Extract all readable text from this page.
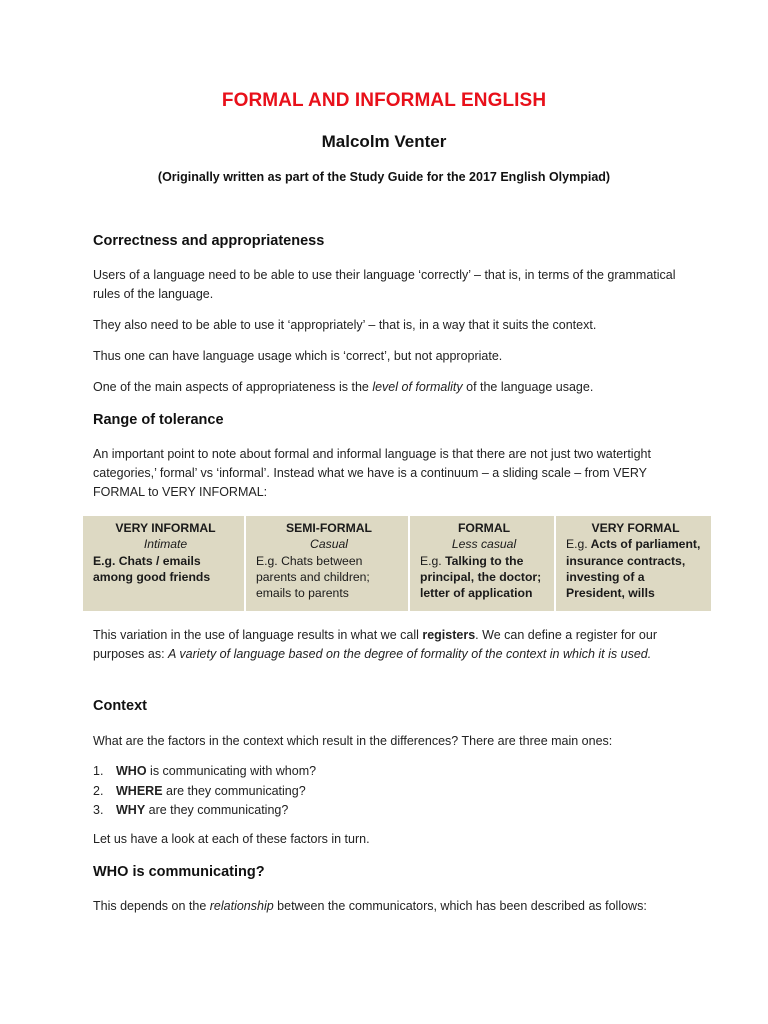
FORMAL AND INFORMAL ENGLISH
Malcolm Venter
(Originally written as part of the Study Guide for the 2017 English Olympiad)
Correctness and appropriateness
Users of a language need to be able to use their language ‘correctly’ – that is, in terms of the grammatical rules of the language.
They also need to be able to use it ‘appropriately’ – that is, in a way that it suits the context.
Thus one can have language usage which is ‘correct’, but not appropriate.
One of the main aspects of appropriateness is the level of formality of the language usage.
Range of tolerance
An important point to note about formal and informal language is that there are not just two watertight categories,’ formal’ vs ‘informal’. Instead what we have is a continuum – a sliding scale – from VERY FORMAL to VERY INFORMAL:
VERY INFORMAL
Intimate
E.g. Chats / emails among good friends

SEMI-FORMAL
Casual
E.g. Chats between parents and children; emails to parents

FORMAL
Less casual
E.g. Talking to the principal, the doctor; letter of application

VERY FORMAL
E.g. Acts of parliament, insurance contracts, investing of a President, wills
This variation in the use of language results in what we call registers. We can define a register for our purposes as: A variety of language based on the degree of formality of the context in which it is used.
Context
What are the factors in the context which result in the differences? There are three main ones:
1. WHO is communicating with whom?
2. WHERE are they communicating?
3. WHY are they communicating?
Let us have a look at each of these factors in turn.
WHO is communicating?
This depends on the relationship between the communicators, which has been described as follows:
